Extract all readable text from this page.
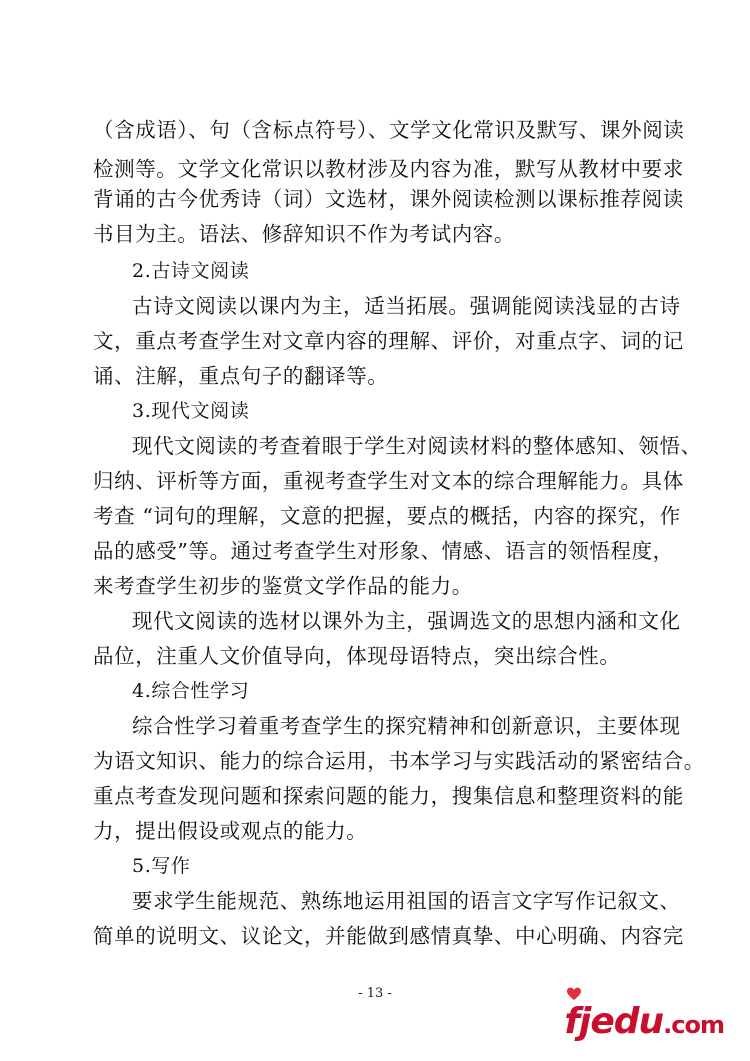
（含成语）、句（含标点符号）、文学文化常识及默写、课外阅读
检测等。文学文化常识以教材涉及内容为准，默写从教材中要求
背诵的古今优秀诗（词）文选材，课外阅读检测以课标推荐阅读
书目为主。语法、修辞知识不作为考试内容。
2.古诗文阅读
古诗文阅读以课内为主，适当拓展。强调能阅读浅显的古诗
文，重点考查学生对文章内容的理解、评价，对重点字、词的记
诵、注解，重点句子的翻译等。
3.现代文阅读
现代文阅读的考查着眼于学生对阅读材料的整体感知、领悟、
归纳、评析等方面，重视考查学生对文本的综合理解能力。具体
考查 “词句的理解，文意的把握，要点的概括，内容的探究，作
品的感受”等。通过考查学生对形象、情感、语言的领悟程度，
来考查学生初步的鉴赏文学作品的能力。
现代文阅读的选材以课外为主，强调选文的思想内涵和文化
品位，注重人文价值导向，体现母语特点，突出综合性。
4.综合性学习
综合性学习着重考查学生的探究精神和创新意识，主要体现
为语文知识、能力的综合运用，书本学习与实践活动的紧密结合。
重点考查发现问题和探索问题的能力，搜集信息和整理资料的能
力，提出假设或观点的能力。
5.写作
要求学生能规范、熟练地运用祖国的语言文字写作记叙文、
简单的说明文、议论文，并能做到感情真挚、中心明确、内容完
- 13 -
fjedu.com
